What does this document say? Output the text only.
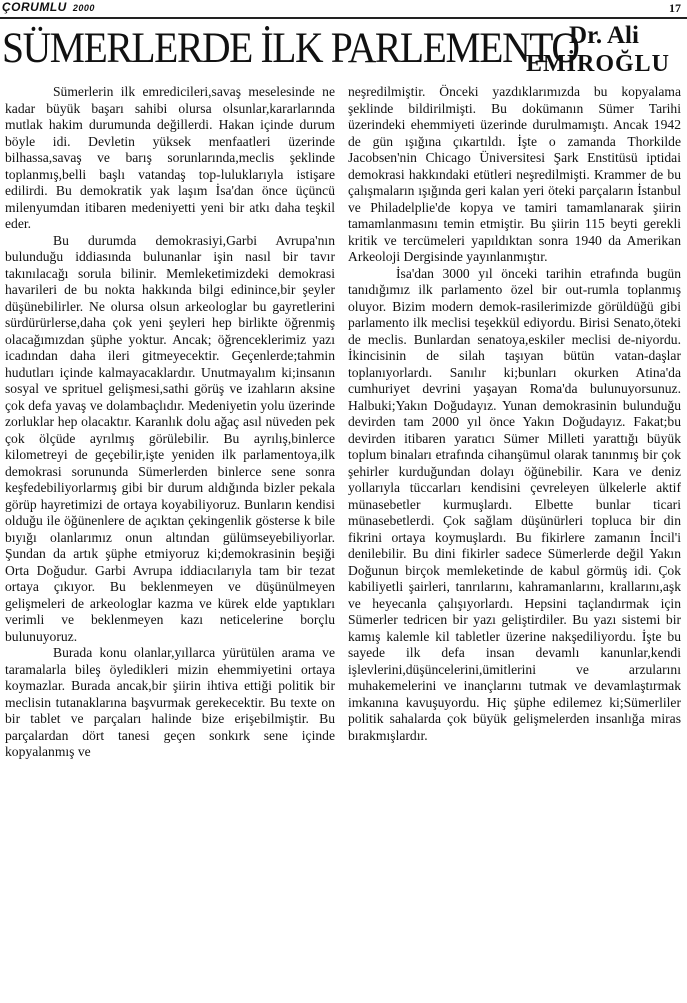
ÇORUMLU 2000	17
SÜMERLERDE İLK PARLEMENTO
Dr. Ali
EMİROĞLU

Sümerlerin ilk emredicileri,savaş meselesinde ne kadar büyük başarı sahibi olursa olsunlar,kararlarında mutlak hakim durumunda değillerdi. Hakan içinde durum böyle idi. Devletin yüksek menfaatleri üzerinde bilhassa,savaş ve barış sorunlarında,meclis şeklinde toplanmış,belli başlı vatandaş top-luluklarıyla istişare edilirdi. Bu demokratik yak laşım İsa'dan önce üçüncü milenyumdan itibaren medeniyetti yeni bir atkı daha teşkil eder.

Bu durumda demokrasiyi,Garbi Avrupa'nın bulunduğu iddiasında bulunanlar işin nasıl bir tavır takınılacağı sorula bilinir. Memleketimizdeki demokrasi havarileri de bu nokta hakkında bilgi edinince,bir şeyler düşünebilirler. Ne olursa olsun arkeologlar bu gayretlerini sürdürürlerse,daha çok yeni şeyleri hep birlikte öğrenmiş olacağımızdan şüphe yoktur. Ancak; öğrenceklerimiz yazı icadından daha ileri gitmeyecektir. Geçenlerde;tahmin hudutları içinde kalmayacaklardır. Unutmayalım ki;insanın sosyal ve sprituel gelişmesi,sathi görüş ve izahların aksine çok defa yavaş ve dolambaçlıdır. Medeniyetin yolu üzerinde zorluklar hep olacaktır. Karanlık dolu ağaç asıl nüveden pek çok ölçüde ayrılmış görülebilir. Bu ayrılış,binlerce kilometreyi de geçebilir,işte yeniden ilk parlamentoya,ilk demokrasi sorununda Sümerlerden binlerce sene sonra keşfedebiliyorlarmış gibi bir durum aldığında bizler pekala görüp hayretimizi de ortaya koyabiliyoruz. Bunların kendisi olduğu ile öğünenlere de açıktan çekingenlik gösterse k bile bıyığı olanlarımız onun altından gülümseyebiliyorlar. Şundan da artık şüphe etmiyoruz ki;demokrasinin beşiği Orta Doğudur. Garbi Avrupa iddiacılarıyla tam bir tezat ortaya çıkıyor. Bu beklenmeyen ve düşünülmeyen gelişmeleri de arkeologlar kazma ve kürek elde yaptıkları verimli ve beklenmeyen kazı neticelerine borçlu bulunuyoruz.

Burada konu olanlar,yıllarca yürütülen arama ve taramalarla bileş öyledikleri mizin ehemmiyetini ortaya koymazlar. Burada ancak,bir şiirin ihtiva ettiği politik bir meclisin tutanaklarına başvurmak gerekecektir. Bu texte on bir tablet ve parçaları halinde bize erişebilmiştir. Bu parçalardan dört tanesi geçen sonkırk sene içinde kopyalanmış ve

neşredilmiştir. Önceki yazdıklarımızda bu kopyalama şeklinde bildirilmişti. Bu dokümanın Sümer Tarihi üzerindeki ehemmiyeti üzerinde durulmamıştı. Ancak 1942 de gün ışığına çıkartıldı. İşte o zamanda Thorkilde Jacobsen'nin Chicago Üniversitesi Şark Enstitüsü iptidai demokrasi hakkındaki etütleri neşredilmişti. Krammer de bu çalışmaların ışığında geri kalan yeri öteki parçaların İstanbul ve Philadelplie'de kopya ve tamiri tamamlanarak şiirin tamamlanmasını temin etmiştir. Bu şiirin 115 beyti gerekli kritik ve tercümeleri yapıldıktan sonra 1940 da Amerikan Arkeoloji Dergisinde yayınlanmıştır.

İsa'dan 3000 yıl önceki tarihin etrafında bugün tanıdığımız ilk parlamento özel bir out-rumla toplanmış oluyor. Bizim modern demok-rasilerimizde görüldüğü gibi parlamento ilk meclisi teşekkül ediyordu. Birisi Senato,öteki de meclis. Bunlardan senatoya,eskiler meclisi de-niyordu. İkincisinin de silah taşıyan bütün vatan-daşlar toplanıyorlardı. Sanılır ki;bunları okurken Atina'da cumhuriyet devrini yaşayan Roma'da bulunuyorsunuz. Halbuki;Yakın Doğudayız. Yunan demokrasinin bulunduğu devirden tam 2000 yıl önce Yakın Doğudayız. Fakat;bu devirden itibaren yaratıcı Sümer Milleti yarattığı büyük toplum binaları etrafında cihanşümul olarak tanınmış bir çok şehirler kurduğundan dolayı öğünebilir. Kara ve deniz yollarıyla tüccarları kendisini çevreleyen ülkelerle aktif münasebetler kurmuşlardı. Elbette bunlar ticari münasebetlerdi. Çok sağlam düşünürleri topluca bir din fikrini ortaya koymuşlardı. Bu fikirlere zamanın İncil'i denilebilir. Bu dini fikirler sadece Sümerlerde değil Yakın Doğunun birçok memleketinde de kabul görmüş idi. Çok kabiliyetli şairleri, tanrılarını, kahramanlarını, krallarını,aşk ve heyecanla çalışıyorlardı. Hepsini taçlandırmak için Sümerler tedricen bir yazı geliştirdiler. Bu yazı sistemi bir kamış kalemle kil tabletler üzerine nakşediliyordu. İşte bu sayede ilk defa insan devamlı kanunlar,kendi işlevlerini,düşüncelerini,ümitlerini ve arzularını muhakemelerini ve inançlarını tutmak ve devamlaştırmak imkanına kavuşuyordu. Hiç şüphe edilemez ki;Sümerliler politik sahalarda çok büyük gelişmelerden insanlığa miras bırakmışlardır.
